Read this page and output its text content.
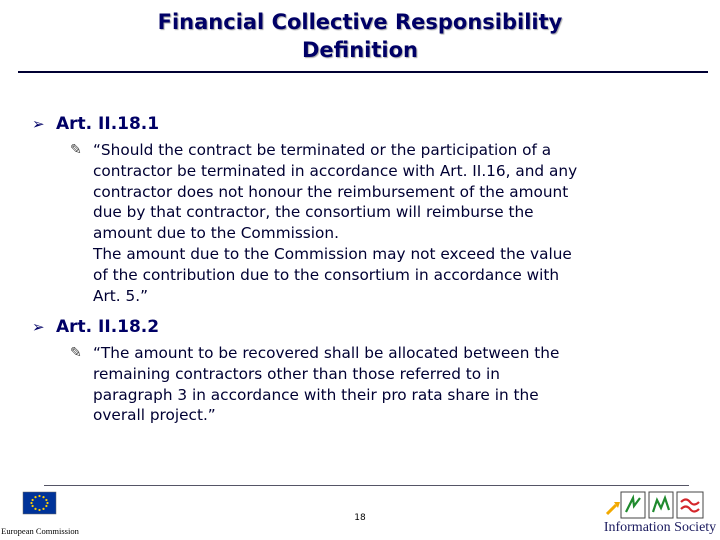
Financial Collective Responsibility
Definition
➢ Art. II.18.1
✎ “Should the contract be terminated or the participation of a

contractor be terminated in accordance with Art. II.16, and any

contractor does not honour the reimbursement of the amount

due by that contractor, the consortium will reimburse the

amount due to the Commission.

The amount due to the Commission may not exceed the value

of the contribution due to the consortium in accordance with

Art. 5.”

➢ Art. II.18.2
✎ “The amount to be recovered shall be allocated between the

remaining contractors other than those referred to in

paragraph 3 in accordance with their pro rata share in the

overall project.”

18
European Commission	Information Society
